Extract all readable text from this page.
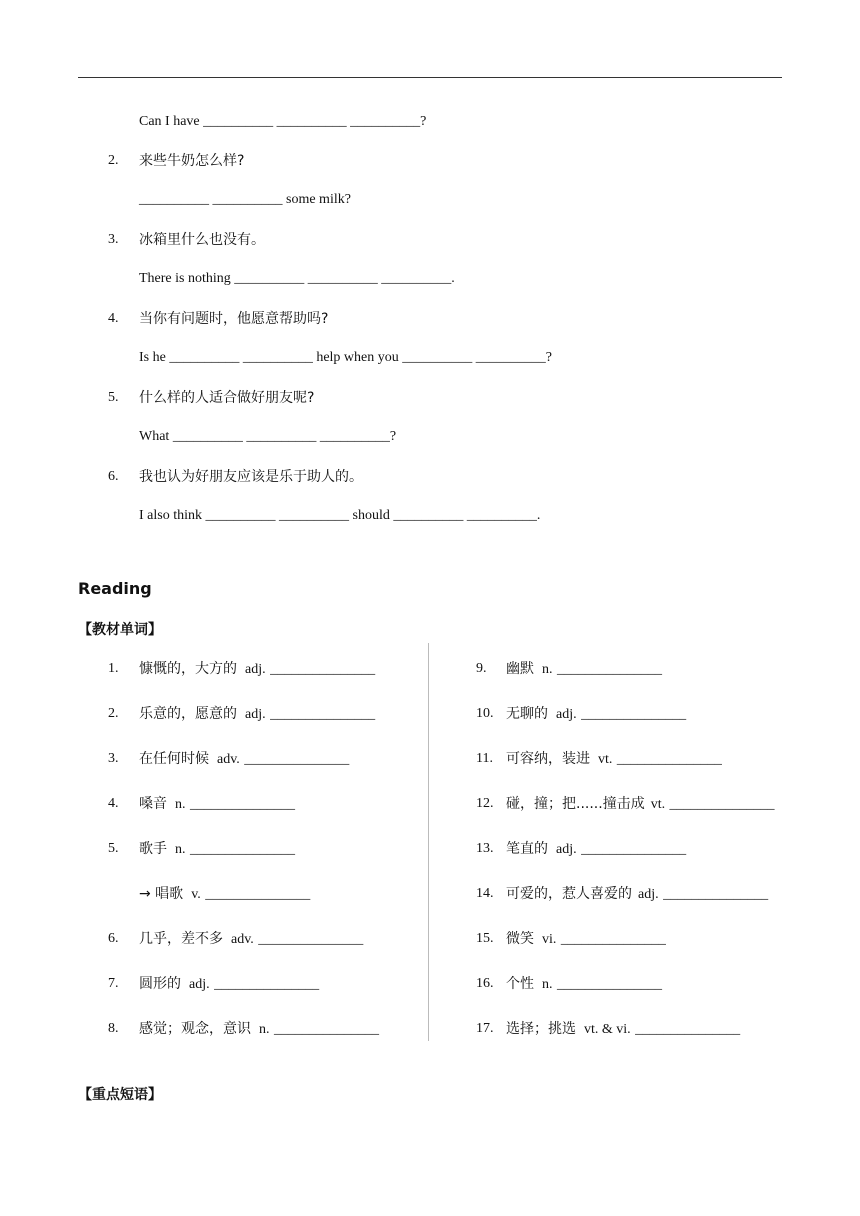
Can I have __________ __________ __________?
2. 来些牛奶怎么样?
__________ __________ some milk?
3. 冰箱里什么也没有。
There is nothing __________ __________ __________.
4. 当你有问题时，他愿意帮助吗?
Is he __________ __________ help when you __________ __________?
5. 什么样的人适合做好朋友呢?
What __________ __________ __________?
6. 我也认为好朋友应该是乐于助人的。
I also think __________ __________ should __________ __________.
Reading
【教材单词】
1. 慷慨的，大方的 adj. _______________
2. 乐意的，愿意的 adj. _______________
3. 在任何时候 adv. _______________
4. 嗓音 n. _______________
5. 歌手 n. _______________
→ 唱歌 v. _______________
6. 几乎，差不多 adv. _______________
7. 圆形的 adj. _______________
8. 感觉；观念，意识 n. _______________
9. 幽默 n. _______________
10. 无聊的 adj. _______________
11. 可容纳，装进 vt. _______________
12. 碰，撞；把......撞击成 vt. _______________
13. 笔直的 adj. _______________
14. 可爱的，惹人喜爱的 adj. _______________
15. 微笑 vi. _______________
16. 个性 n. _______________
17. 选择；挑选 vt. & vi. _______________
【重点短语】
